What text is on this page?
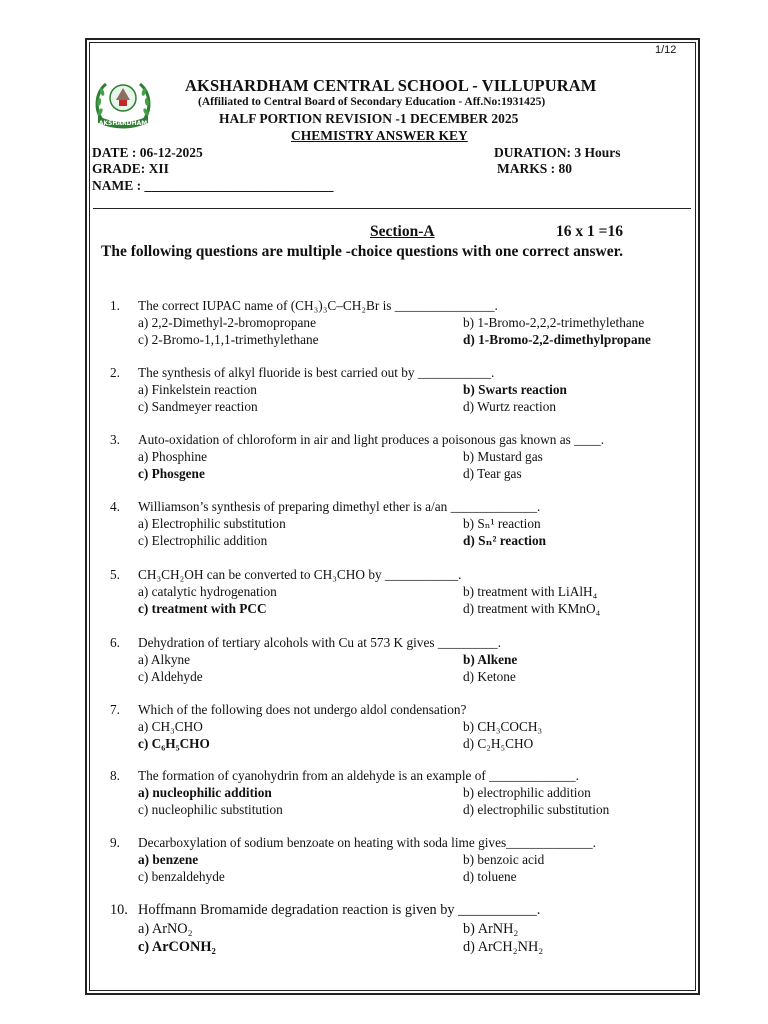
1/12
AKSHARDHAM
AKSHARDHAM CENTRAL SCHOOL - VILLUPURAM
(Affiliated to Central Board of Secondary Education - Aff.No:1931425)
HALF PORTION REVISION -1 DECEMBER 2025
CHEMISTRY ANSWER KEY
DATE : 06-12-2025
GRADE: XII
NAME : ____________________________
DURATION: 3 Hours
MARKS : 80
Section-A	16 x 1 =16
The following questions are multiple -choice questions with one correct answer.
1. The correct IUPAC name of (CH₃)₃C–CH₂Br is _______________.
a) 2,2-Dimethyl-2-bromopropane	b) 1-Bromo-2,2,2-trimethylethane
c) 2-Bromo-1,1,1-trimethylethane	d) 1-Bromo-2,2-dimethylpropane
2. The synthesis of alkyl fluoride is best carried out by ___________.
a) Finkelstein reaction	b) Swarts reaction
c) Sandmeyer reaction	d) Wurtz reaction
3. Auto-oxidation of chloroform in air and light produces a poisonous gas known as ____.
a) Phosphine	b) Mustard gas
c) Phosgene	d) Tear gas
4. Williamson’s synthesis of preparing dimethyl ether is a/an _____________.
a) Electrophilic substitution	b) Sₙ¹ reaction
c) Electrophilic addition	d) Sₙ² reaction
5. CH₃CH₂OH can be converted to CH₃CHO by ___________.
a) catalytic hydrogenation	b) treatment with LiAlH₄
c) treatment with PCC	d) treatment with KMnO₄
6. Dehydration of tertiary alcohols with Cu at 573 K gives _________.
a) Alkyne	b) Alkene
c) Aldehyde	d) Ketone
7. Which of the following does not undergo aldol condensation?
a) CH₃CHO	b) CH₃COCH₃
c) C₆H₅CHO	d) C₂H₅CHO
8. The formation of cyanohydrin from an aldehyde is an example of _____________.
a) nucleophilic addition	b) electrophilic addition
c) nucleophilic substitution	d) electrophilic substitution
9. Decarboxylation of sodium benzoate on heating with soda lime gives_____________.
a) benzene	b) benzoic acid
c) benzaldehyde	d) toluene
10. Hoffmann Bromamide degradation reaction is given by ___________.
a) ArNO₂	b) ArNH₂
c) ArCONH₂	d) ArCH₂NH₂
